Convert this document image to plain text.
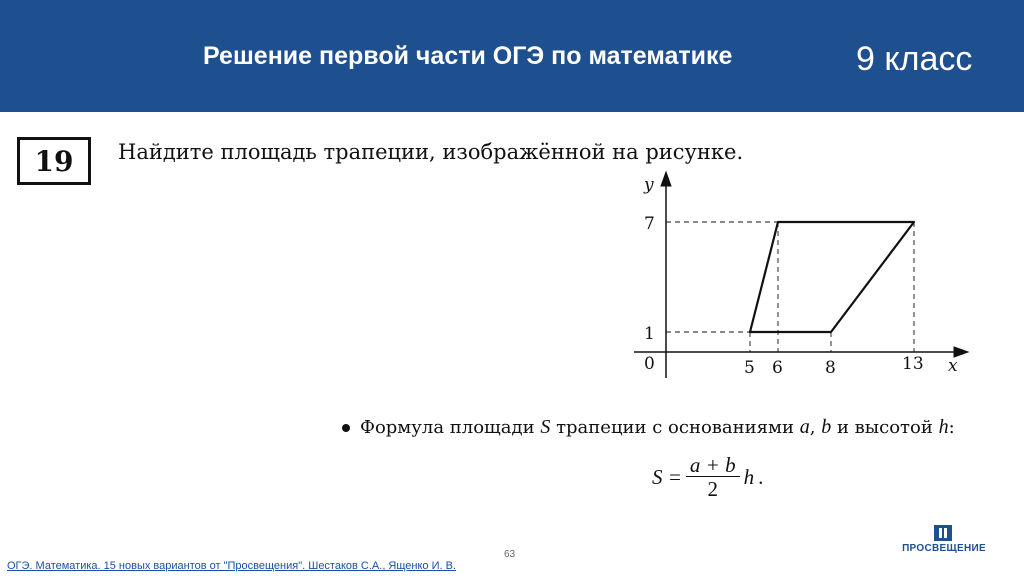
Решение первой части ОГЭ по математике	9 класс
19 Найдите площадь трапеции, изображённой на рисунке.
y
7
1
0	5 6 8	13 x
Формула площади S трапеции с основаниями a, b и высотой h:
$S = \frac{a + b}{2}$ h .
63
ОГЭ. Математика. 15 новых вариантов от "Просвещения". Шестаков С.А., Ященко И. В.
ПРОСВЕЩЕНИЕ
